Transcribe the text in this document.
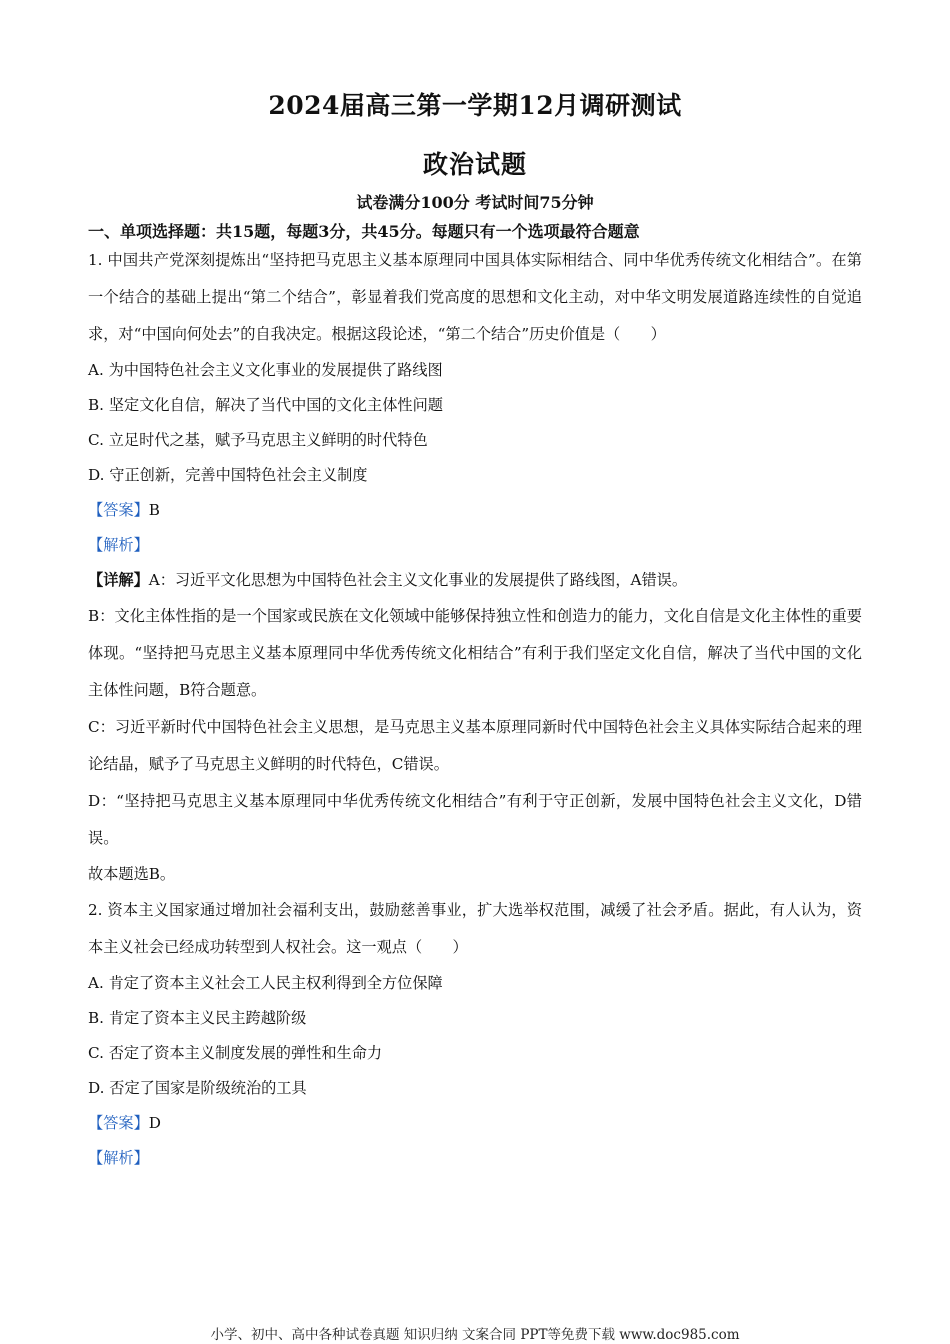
2024届高三第一学期12月调研测试
政治试题
试卷满分100分 考试时间75分钟
一、单项选择题：共15题，每题3分，共45分。每题只有一个选项最符合题意

1. 中国共产党深刻提炼出“坚持把马克思主义基本原理同中国具体实际相结合、同中华优秀传统文化相结合”。在第一个结合的基础上提出“第二个结合”，彰显着我们党高度的思想和文化主动，对中华文明发展道路连续性的自觉追求，对“中国向何处去”的自我决定。根据这段论述，“第二个结合”历史价值是（　　）

A. 为中国特色社会主义文化事业的发展提供了路线图

B. 坚定文化自信，解决了当代中国的文化主体性问题

C. 立足时代之基，赋予马克思主义鲜明的时代特色

D. 守正创新，完善中国特色社会主义制度

【答案】B

【解析】

【详解】A：习近平文化思想为中国特色社会主义文化事业的发展提供了路线图，A错误。

B：文化主体性指的是一个国家或民族在文化领域中能够保持独立性和创造力的能力，文化自信是文化主体性的重要体现。“坚持把马克思主义基本原理同中华优秀传统文化相结合”有利于我们坚定文化自信，解决了当代中国的文化主体性问题，B符合题意。

C：习近平新时代中国特色社会主义思想，是马克思主义基本原理同新时代中国特色社会主义具体实际结合起来的理论结晶，赋予了马克思主义鲜明的时代特色，C错误。

D：“坚持把马克思主义基本原理同中华优秀传统文化相结合”有利于守正创新，发展中国特色社会主义文化，D错误。

故本题选B。

2. 资本主义国家通过增加社会福利支出，鼓励慈善事业，扩大选举权范围，减缓了社会矛盾。据此，有人认为，资本主义社会已经成功转型到人权社会。这一观点（　　）

A. 肯定了资本主义社会工人民主权利得到全方位保障

B. 肯定了资本主义民主跨越阶级

C. 否定了资本主义制度发展的弹性和生命力

D. 否定了国家是阶级统治的工具

【答案】D

【解析】

小学、初中、高中各种试卷真题 知识归纳 文案合同 PPT等免费下载 www.doc985.com
